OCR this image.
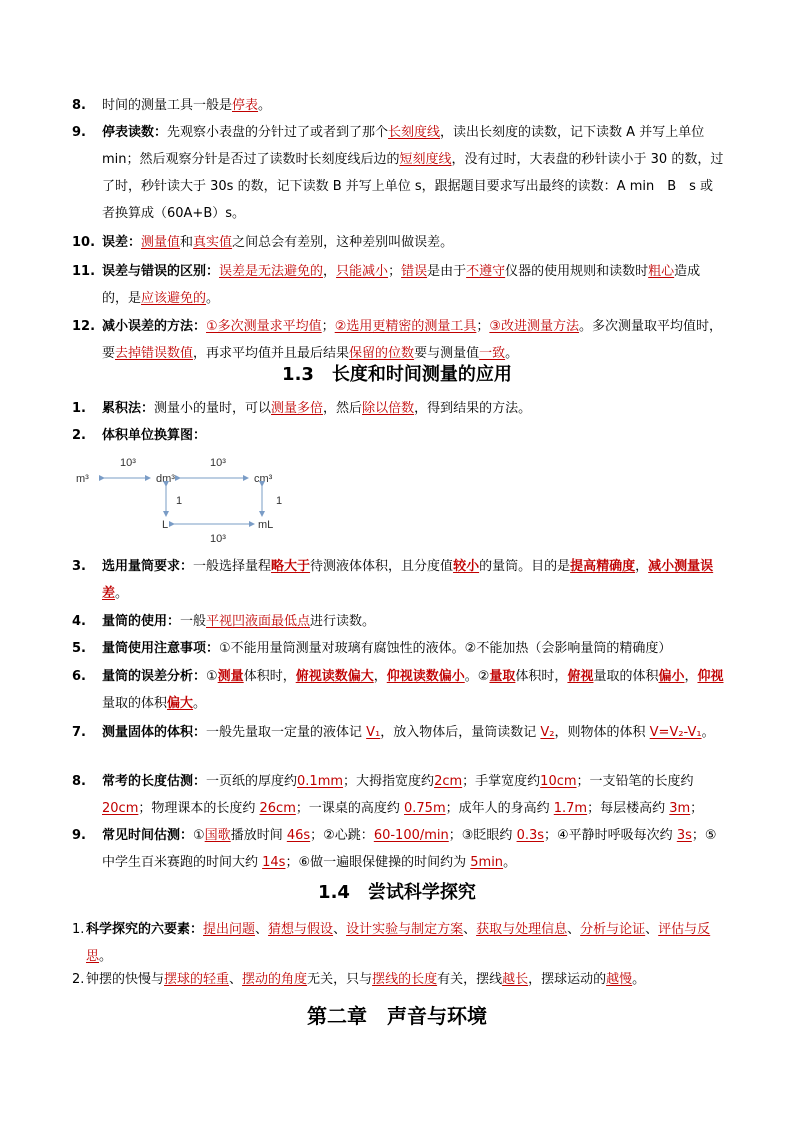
8. 时间的测量工具一般是停表。
9. 停表读数：先观察小表盘的分针过了或者到了那个长刻度线，读出长刻度的读数，记下读数 A 并写上单位 min；然后观察分针是否过了读数时长刻度线后边的短刻度线，没有过时，大表盘的秒针读小于 30 的数，过了时，秒针读大于 30s 的数，记下读数 B 并写上单位 s，跟据题目要求写出最终的读数：A min　B　s 或者换算成（60A+B）s。
10. 误差：测量值和真实值之间总会有差别，这种差别叫做误差。
11. 误差与错误的区别：误差是无法避免的，只能减小；错误是由于不遵守仪器的使用规则和读数时粗心造成的，是应该避免的。
12. 减小误差的方法：①多次测量求平均值；②选用更精密的测量工具；③改进测量方法。多次测量取平均值时，要去掉错误数值，再求平均值并且最后结果保留的位数要与测量值一致。
1.3　长度和时间测量的应用
1. 累积法：测量小的量时，可以测量多倍，然后除以倍数，得到结果的方法。
2. 体积单位换算图：
m³	dm³	cm³
L	mL
10³	10³
10³
1	1
3. 选用量筒要求：一般选择量程略大于待测液体体积，且分度值较小的量筒。目的是提高精确度，减小测量误差。
4. 量筒的使用：一般平视凹液面最低点进行读数。
5. 量筒使用注意事项：①不能用量筒测量对玻璃有腐蚀性的液体。②不能加热（会影响量筒的精确度）
6. 量筒的误差分析：①测量体积时，俯视读数偏大，仰视读数偏小。②量取体积时，俯视量取的体积偏小，仰视量取的体积偏大。
7. 测量固体的体积：一般先量取一定量的液体记 V₁，放入物体后，量筒读数记 V₂，则物体的体积 V=V₂-V₁。
8. 常考的长度估测：一页纸的厚度约0.1mm；大拇指宽度约2cm；手掌宽度约10cm；一支铅笔的长度约20cm；物理课本的长度约 26cm；一课桌的高度约 0.75m；成年人的身高约 1.7m；每层楼高约 3m；
9. 常见时间估测：①国歌播放时间 46s；②心跳：60-100/min；③眨眼约 0.3s；④平静时呼吸每次约 3s；⑤中学生百米赛跑的时间大约 14s；⑥做一遍眼保健操的时间约为 5min。
1.4　尝试科学探究
1. 科学探究的六要素：提出问题、猜想与假设、设计实验与制定方案、获取与处理信息、分析与论证、评估与反思。
2. 钟摆的快慢与摆球的轻重、摆动的角度无关，只与摆线的长度有关，摆线越长，摆球运动的越慢。
第二章　声音与环境
